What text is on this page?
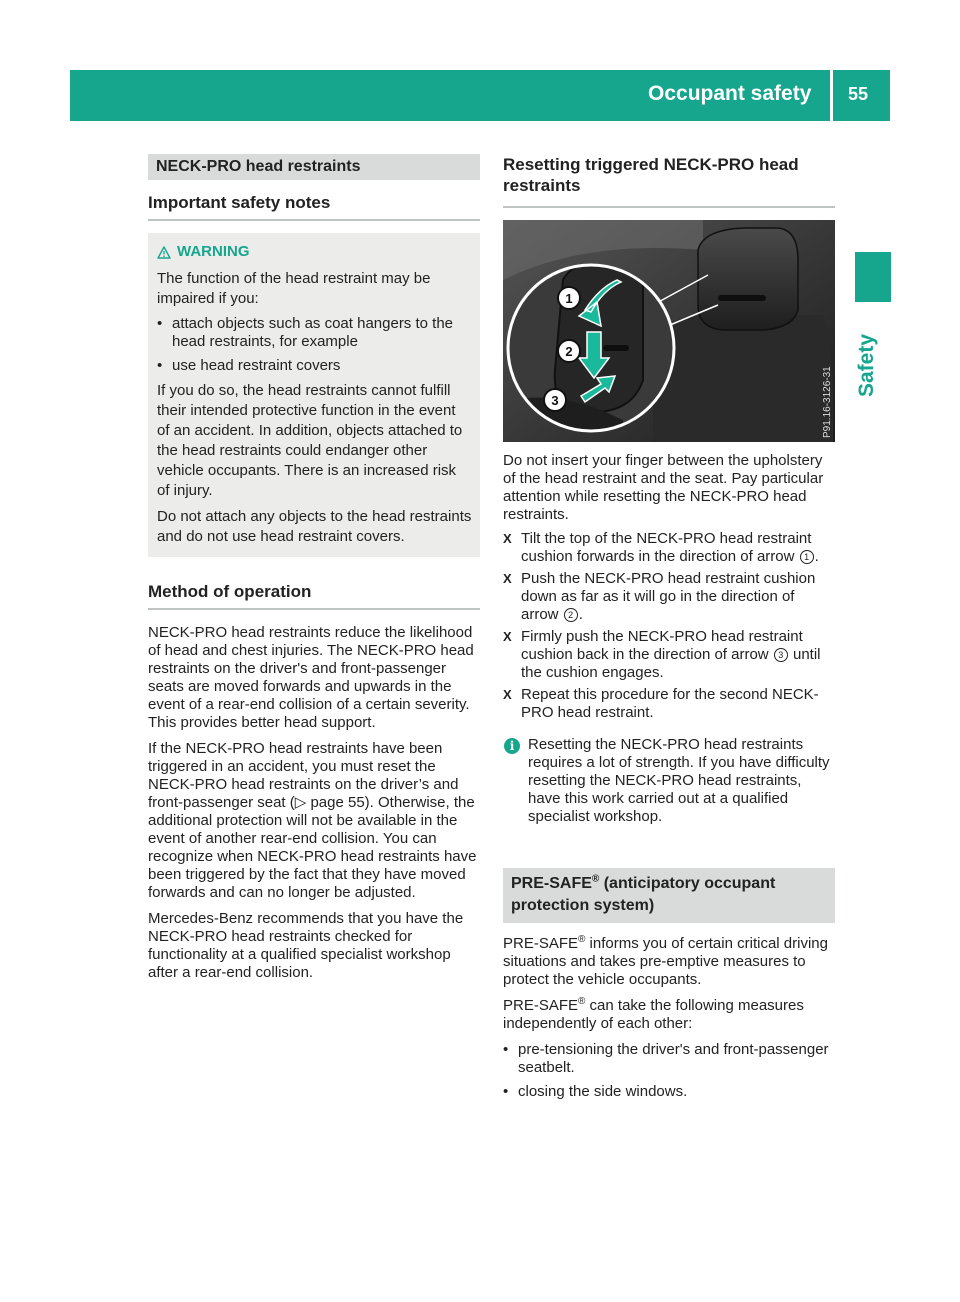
Occupant safety 55
Safety
NECK-PRO head restraints
Important safety notes
WARNING

The function of the head restraint may be impaired if you:

• attach objects such as coat hangers to the head restraints, for example
• use head restraint covers

If you do so, the head restraints cannot fulfill their intended protective function in the event of an accident. In addition, objects attached to the head restraints could endanger other vehicle occupants. There is an increased risk of injury.

Do not attach any objects to the head restraints and do not use head restraint covers.

Method of operation

NECK-PRO head restraints reduce the likelihood of head and chest injuries. The NECK-PRO head restraints on the driver's and front-passenger seats are moved forwards and upwards in the event of a rear-end collision of a certain severity. This provides better head support.

If the NECK-PRO head restraints have been triggered in an accident, you must reset the NECK-PRO head restraints on the driver’s and front-passenger seat (▷ page 55). Otherwise, the additional protection will not be available in the event of another rear-end collision. You can recognize when NECK-PRO head restraints have been triggered by the fact that they have moved forwards and can no longer be adjusted.

Mercedes-Benz recommends that you have the NECK-PRO head restraints checked for functionality at a qualified specialist workshop after a rear-end collision.

Resetting triggered NECK-PRO head restraints
1
2
3	P91.16-3126-31

Do not insert your finger between the upholstery of the head restraint and the seat. Pay particular attention while resetting the NECK-PRO head restraints.

X Tilt the top of the NECK-PRO head restraint cushion forwards in the direction of arrow 1 .
X Push the NECK-PRO head restraint cushion down as far as it will go in the direction of arrow 2 .
X Firmly push the NECK-PRO head restraint cushion back in the direction of arrow 3 until the cushion engages.
X Repeat this procedure for the second NECK-PRO head restraint.
i Resetting the NECK-PRO head restraints requires a lot of strength. If you have difficulty resetting the NECK-PRO head restraints, have this work carried out at a qualified specialist workshop.
PRE-SAFE® (anticipatory occupant protection system)

PRE-SAFE® informs you of certain critical driving situations and takes pre-emptive measures to protect the vehicle occupants.

PRE-SAFE® can take the following measures independently of each other:

• pre-tensioning the driver's and front-passenger seatbelt.
• closing the side windows.
